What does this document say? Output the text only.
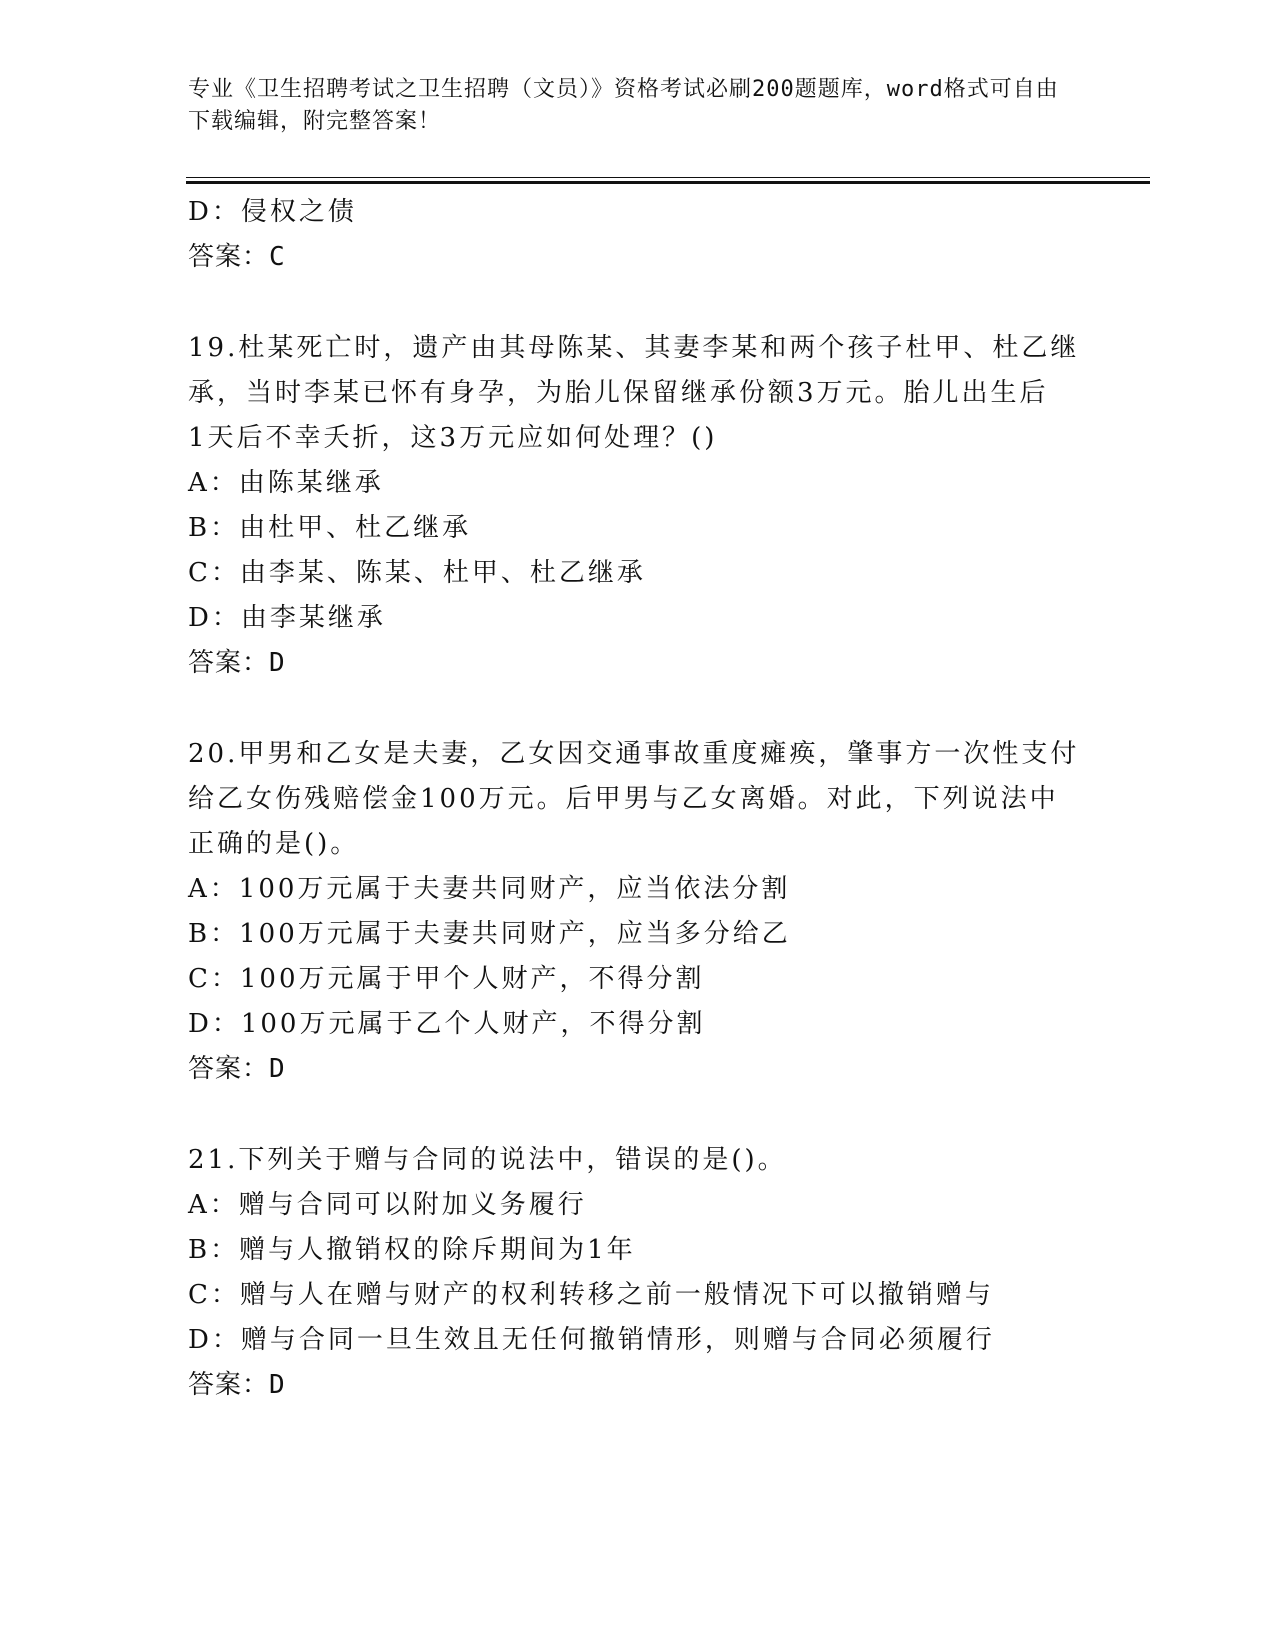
专业《卫生招聘考试之卫生招聘（文员）》资格考试必刷200题题库，word格式可自由下载编辑，附完整答案！
D：侵权之债
答案：C
19.杜某死亡时，遗产由其母陈某、其妻李某和两个孩子杜甲、杜乙继
承，当时李某已怀有身孕，为胎儿保留继承份额3万元。胎儿出生后
1天后不幸夭折，这3万元应如何处理？()
A：由陈某继承
B：由杜甲、杜乙继承
C：由李某、陈某、杜甲、杜乙继承
D：由李某继承
答案：D
20.甲男和乙女是夫妻，乙女因交通事故重度瘫痪，肇事方一次性支付
给乙女伤残赔偿金100万元。后甲男与乙女离婚。对此，下列说法中
正确的是()。
A：100万元属于夫妻共同财产，应当依法分割
B：100万元属于夫妻共同财产，应当多分给乙
C：100万元属于甲个人财产，不得分割
D：100万元属于乙个人财产，不得分割
答案：D
21.下列关于赠与合同的说法中，错误的是()。
A：赠与合同可以附加义务履行
B：赠与人撤销权的除斥期间为1年
C：赠与人在赠与财产的权利转移之前一般情况下可以撤销赠与
D：赠与合同一旦生效且无任何撤销情形，则赠与合同必须履行
答案：D
